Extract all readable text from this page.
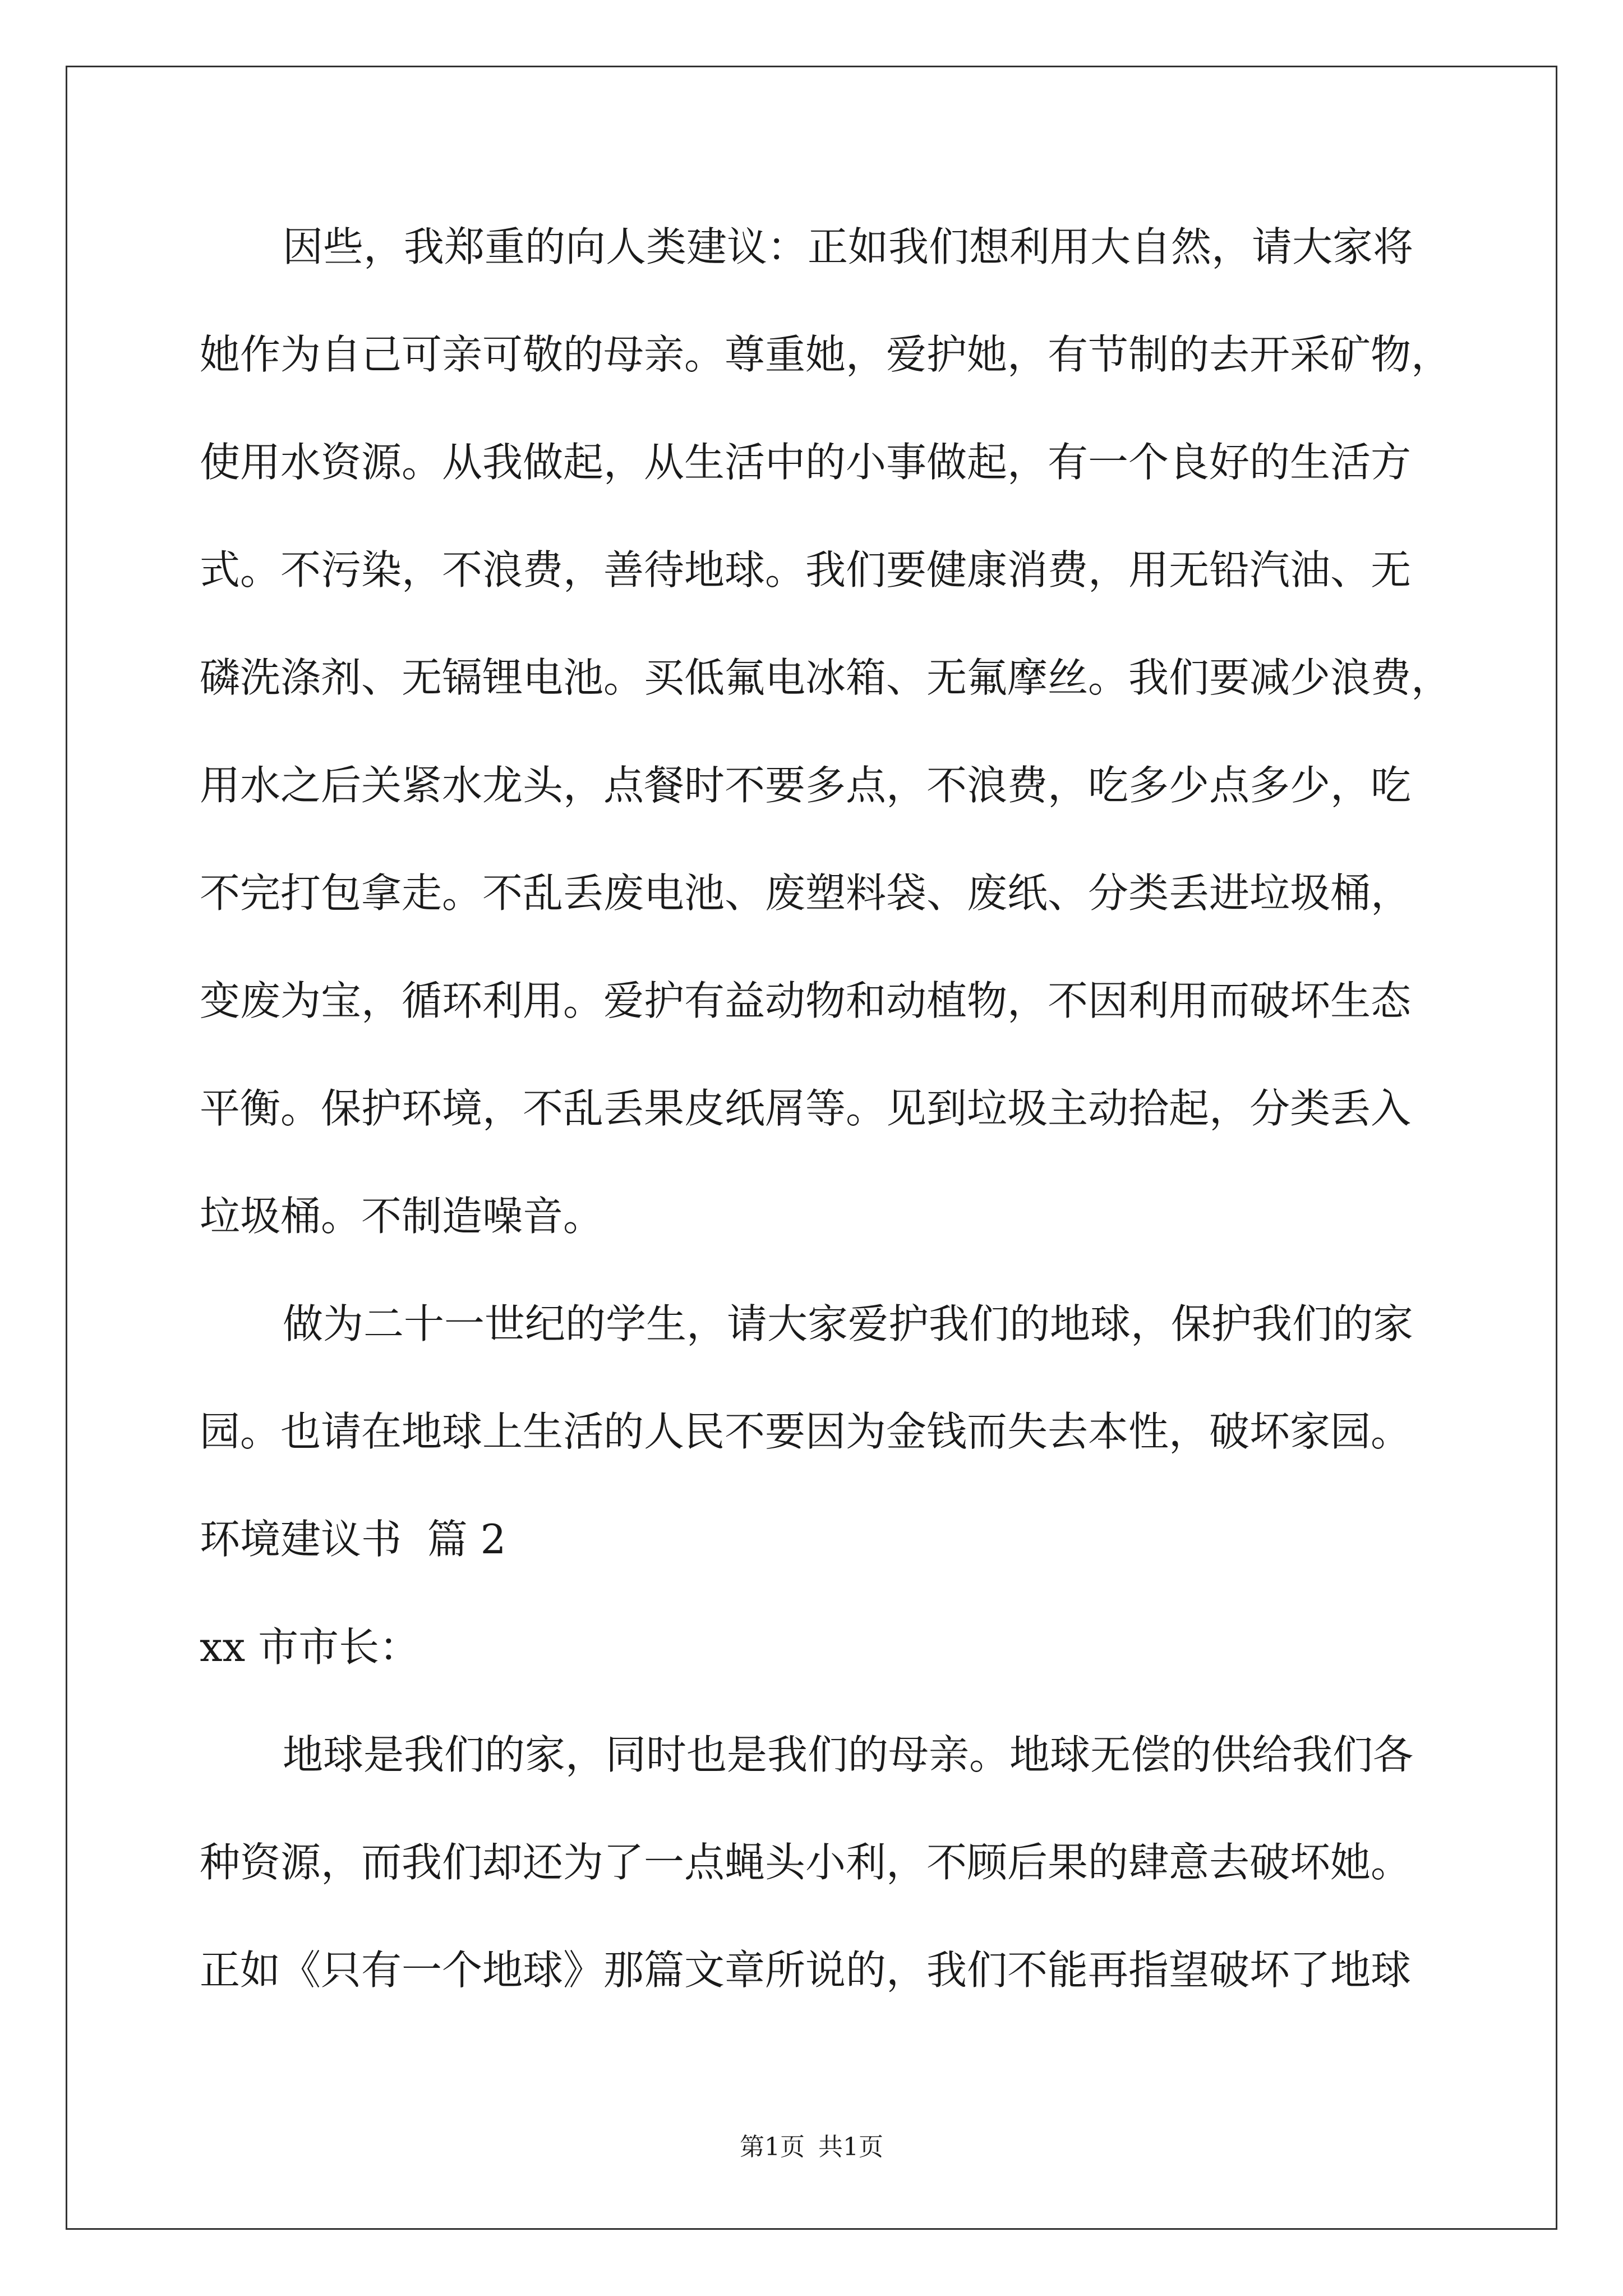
因些，我郑重的向人类建议：正如我们想利用大自然，请大家将
她作为自己可亲可敬的母亲。尊重她，爱护她，有节制的去开采矿物，
使用水资源。从我做起，从生活中的小事做起，有一个良好的生活方
式。不污染，不浪费，善待地球。我们要健康消费，用无铅汽油、无
磷洗涤剂、无镉锂电池。买低氟电冰箱、无氟摩丝。我们要减少浪费，
用水之后关紧水龙头，点餐时不要多点，不浪费，吃多少点多少，吃
不完打包拿走。不乱丢废电池、废塑料袋、废纸、分类丢进垃圾桶，
变废为宝，循环利用。爱护有益动物和动植物，不因利用而破坏生态
平衡。保护环境，不乱丢果皮纸屑等。见到垃圾主动拾起，分类丢入
垃圾桶。不制造噪音。
做为二十一世纪的学生，请大家爱护我们的地球，保护我们的家
园。也请在地球上生活的人民不要因为金钱而失去本性，破坏家园。
环境建议书  篇 2
xx 市市长：
地球是我们的家，同时也是我们的母亲。地球无偿的供给我们各
种资源，而我们却还为了一点蝇头小利，不顾后果的肆意去破坏她。
正如《只有一个地球》那篇文章所说的，我们不能再指望破坏了地球
第1页 共1页
